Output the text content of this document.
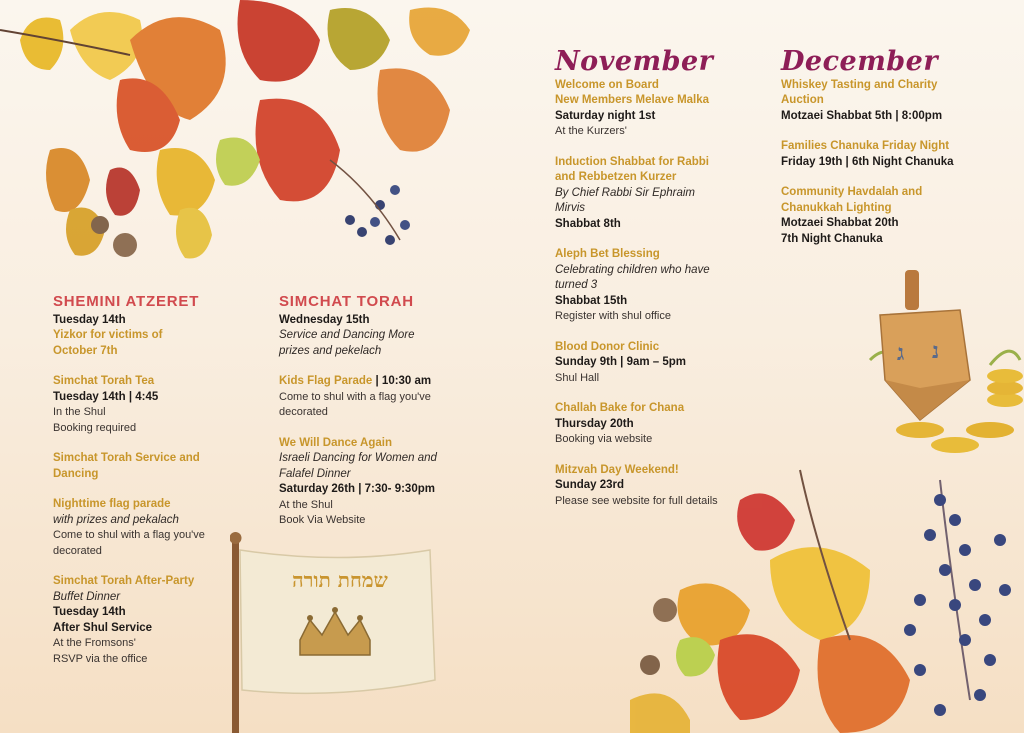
שמחת תורה
ג נ
SHEMINI ATZERET
Tuesday 14th
Yizkor for victims of
October 7th
Simchat Torah Tea
Tuesday 14th | 4:45
In the Shul
Booking required
Simchat Torah Service and
Dancing
Nighttime flag parade
with prizes and pekalach
Come to shul with a flag you've
decorated
Simchat Torah After-Party
Buffet Dinner
Tuesday 14th
After Shul Service
At the Fromsons'
RSVP via the office
SIMCHAT TORAH
Wednesday 15th
Service and Dancing More
prizes and pekelach
Kids Flag Parade | 10:30 am
Come to shul with a flag you've
decorated
We Will Dance Again
Israeli Dancing for Women and
Falafel Dinner
Saturday 26th | 7:30- 9:30pm
At the Shul
Book Via Website
November
Welcome on Board
New Members Melave Malka
Saturday night 1st
At the Kurzers'
Induction Shabbat for Rabbi
and Rebbetzen Kurzer
By Chief Rabbi Sir Ephraim
Mirvis
Shabbat 8th
Aleph Bet Blessing
Celebrating children who have
turned 3
Shabbat 15th
Register with shul office
Blood Donor Clinic
Sunday 9th | 9am – 5pm
Shul Hall
Challah Bake for Chana
Thursday 20th
Booking via website
Mitzvah Day Weekend!
Sunday 23rd
Please see website for full details
December
Whiskey Tasting and Charity
Auction
Motzaei Shabbat 5th | 8:00pm
Families Chanuka Friday Night
Friday 19th | 6th Night Chanuka
Community Havdalah and
Chanukkah Lighting
Motzaei Shabbat 20th
7th Night Chanuka
